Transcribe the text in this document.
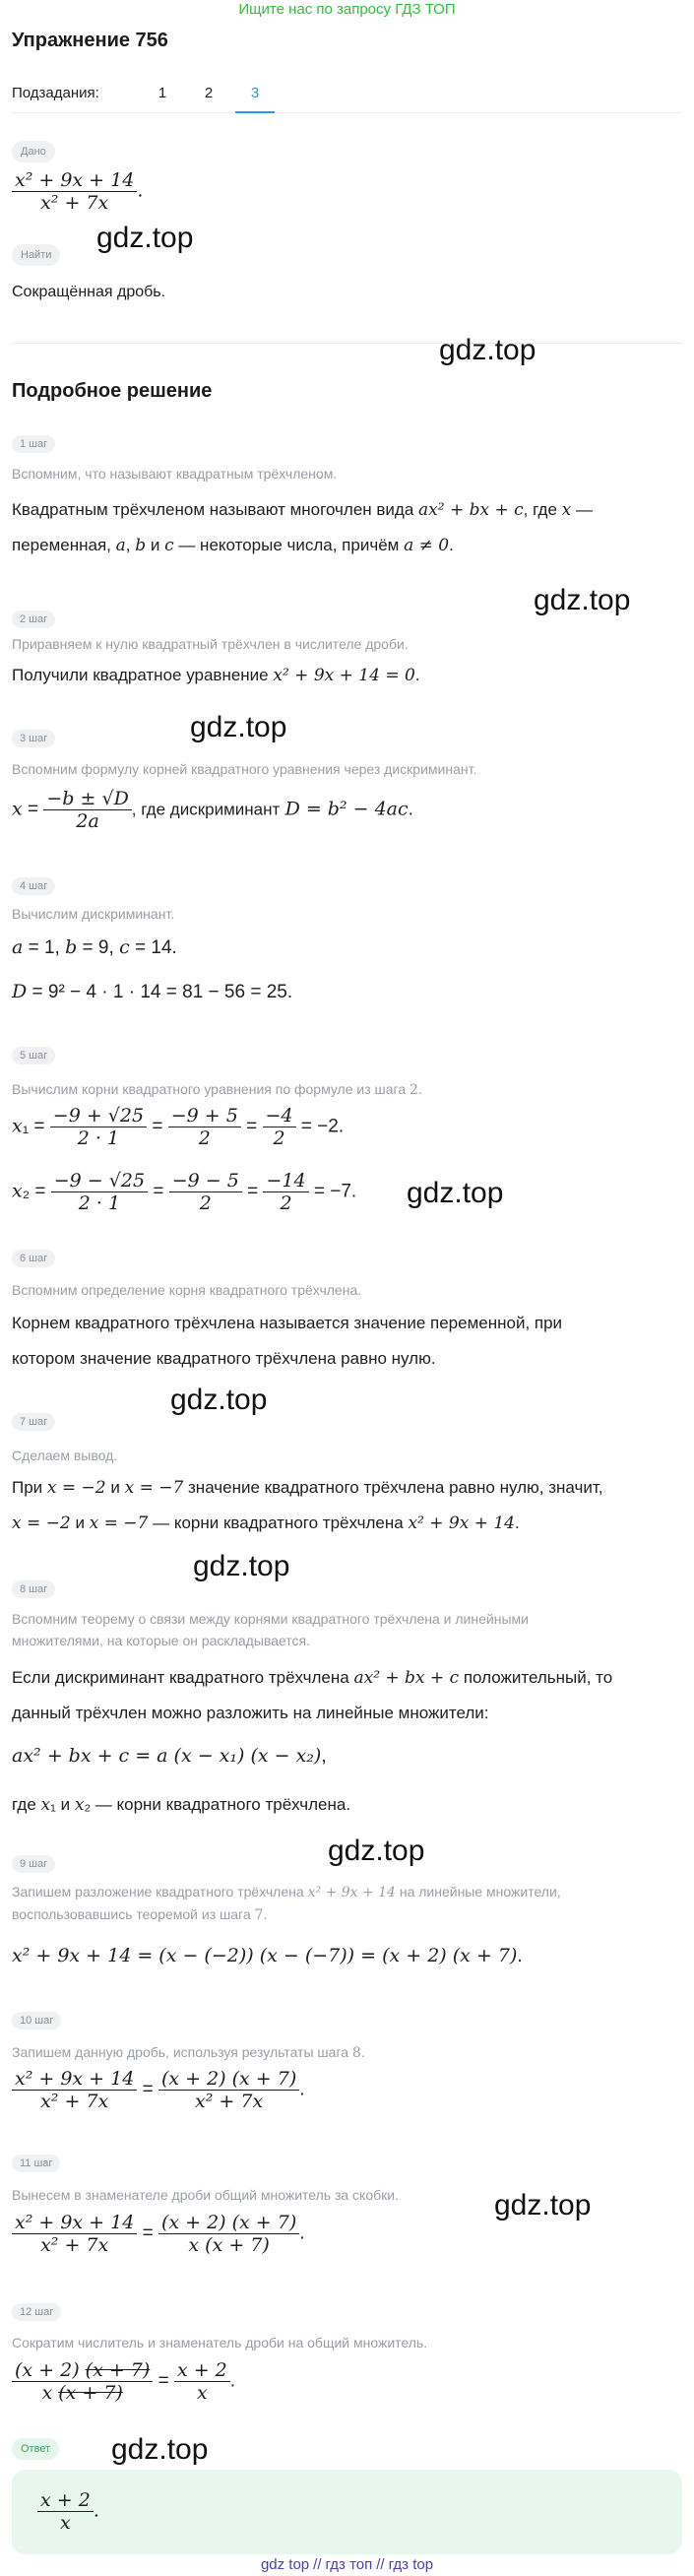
Ищите нас по запросу ГДЗ ТОП
Упражнение 756
Подзадания:	1	2	3
Дано
$\frac{\text{x² + 9x + 14}}{\text{x² + 7x}}$ .
Найти
Сокращённая дробь.
Подробное решение
1 шаг
Вспомним, что называют квадратным трёхчленом.
Квадратным трёхчленом называют многочлен вида ax² + bx + c, где x —
переменная, a, b и c — некоторые числа, причём a ≠ 0.
2 шаг
Приравняем к нулю квадратный трёхчлен в числителе дроби.
Получили квадратное уравнение x² + 9x + 14 = 0.
3 шаг
Вспомним формулу корней квадратного уравнения через дискриминант.
$x = \frac{-b \pm √D}{2a}$ , где дискриминант D = b² − 4ac.
4 шаг
Вычислим дискриминант.
a = 1, b = 9, c = 14.
D = 9² − 4 · 1 · 14 = 81 − 56 = 25.
5 шаг
Вычислим корни квадратного уравнения по формуле из шага 2.
$x_1 = \frac{-9 + √25}{2 \cdot 1} = \frac{-9 + 5}{2} = \frac{-4}{2} = -2$.
$x_2 = \frac{-9 - √25}{2 \cdot 1} = \frac{-9 - 5}{2} = \frac{-14}{2} = -7$.
6 шаг
Вспомним определение корня квадратного трёхчлена.
Корнем квадратного трёхчлена называется значение переменной, при
котором значение квадратного трёхчлена равно нулю.
7 шаг
Сделаем вывод.
При x = −2 и x = −7 значение квадратного трёхчлена равно нулю, значит,
x = −2 и x = −7 — корни квадратного трёхчлена x² + 9x + 14.
8 шаг
Вспомним теорему о связи между корнями квадратного трёхчлена и линейными
множителями, на которые он раскладывается.
Если дискриминант квадратного трёхчлена ax² + bx + c положительный, то
данный трёхчлен можно разложить на линейные множители:
ax² + bx + c = a (x − x₁) (x − x₂),
где x₁ и x₂ — корни квадратного трёхчлена.
9 шаг
Запишем разложение квадратного трёхчлена x² + 9x + 14 на линейные множители,
воспользовавшись теоремой из шага 7.
x² + 9x + 14 = (x − (−2)) (x − (−7)) = (x + 2) (x + 7).
10 шаг
Запишем данную дробь, используя результаты шага 8.
$\frac{\text{x² + 9x + 14}}{\text{x² + 7x}} = \frac{(x + 2) (x + 7)}{\text{x² + 7x}}$ .
11 шаг
Вынесем в знаменателе дроби общий множитель за скобки.
$\frac{\text{x² + 9x + 14}}{\text{x² + 7x}} = \frac{(x + 2) (x + 7)}{x (x + 7)}$ .
12 шаг
Сократим числитель и знаменатель дроби на общий множитель.
$\frac{(x + 2) (x + 7)}{x (x + 7)} = \frac{x + 2}{x}$ .
Ответ
$\frac{x + 2}{x}$ .
gdz.top
gdz.top
gdz.top
gdz.top
gdz.top
gdz.top
gdz.top
gdz.top
gdz.top
gdz.top
gdz top // гдз топ // гдз top
